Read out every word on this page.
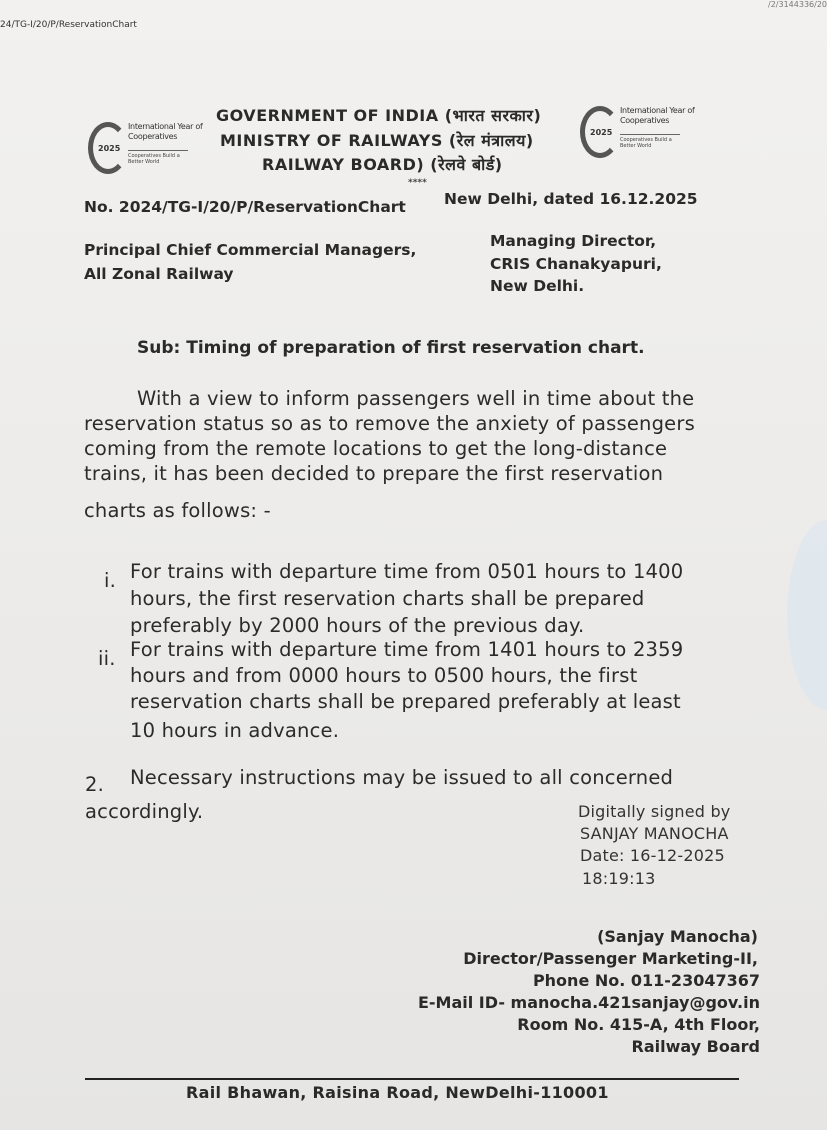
/2/3144336/20
24/TG-I/20/P/ReservationChart
2025
International Year of Cooperatives
Cooperatives Build a Better World
2025
International Year of Cooperatives
Cooperatives Build a Better World
GOVERNMENT OF INDIA (भारत सरकार)
MINISTRY OF RAILWAYS (रेल मंत्रालय)
RAILWAY BOARD) (रेलवे बोर्ड)
****
No. 2024/TG-I/20/P/ReservationChart New Delhi, dated 16.12.2025
Principal Chief Commercial Managers,
All Zonal Railway
Managing Director,
CRIS Chanakyapuri,
New Delhi.
Sub: Timing of preparation of first reservation chart.
With a view to inform passengers well in time about the
reservation status so as to remove the anxiety of passengers
coming from the remote locations to get the long-distance
trains, it has been decided to prepare the first reservation
charts as follows: -
i. For trains with departure time from 0501 hours to 1400
hours, the first reservation charts shall be prepared
preferably by 2000 hours of the previous day.
ii. For trains with departure time from 1401 hours to 2359
hours and from 0000 hours to 0500 hours, the first
reservation charts shall be prepared preferably at least
10 hours in advance.
2. Necessary instructions may be issued to all concerned
accordingly.	Digitally signed by
SANJAY MANOCHA
Date: 16-12-2025
18:19:13
(Sanjay Manocha)
Director/Passenger Marketing-II,
Phone No. 011-23047367
E-Mail ID- manocha.421sanjay@gov.in
Room No. 415-A, 4th Floor,
Railway Board
Rail Bhawan, Raisina Road, NewDelhi-110001
